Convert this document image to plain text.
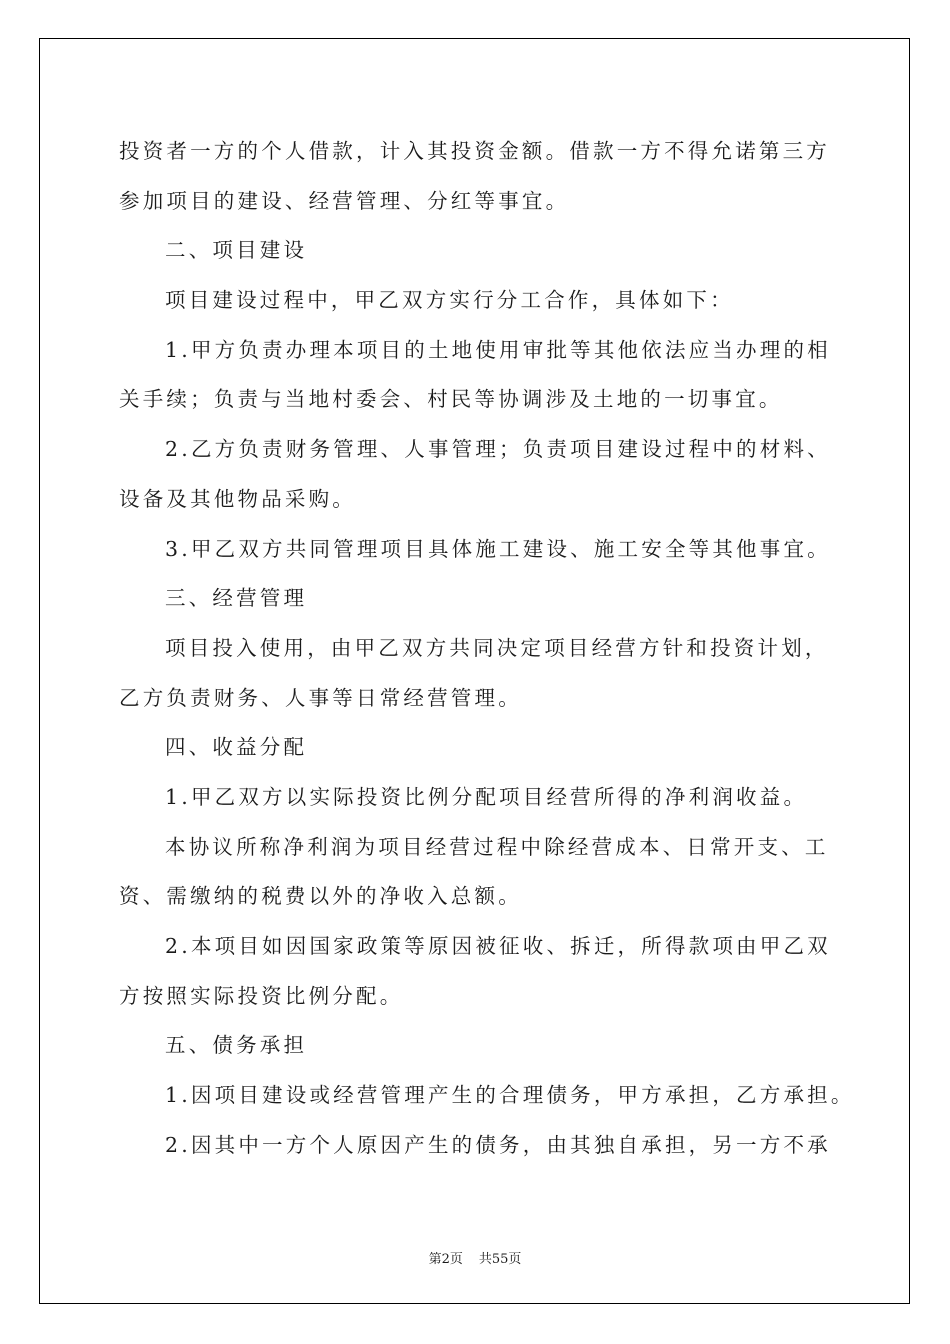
投资者一方的个人借款，计入其投资金额。借款一方不得允诺第三方
参加项目的建设、经营管理、分红等事宜。
二、项目建设
项目建设过程中，甲乙双方实行分工合作，具体如下：
1.甲方负责办理本项目的土地使用审批等其他依法应当办理的相
关手续；负责与当地村委会、村民等协调涉及土地的一切事宜。
2.乙方负责财务管理、人事管理；负责项目建设过程中的材料、
设备及其他物品采购。
3.甲乙双方共同管理项目具体施工建设、施工安全等其他事宜。
三、经营管理
项目投入使用，由甲乙双方共同决定项目经营方针和投资计划，
乙方负责财务、人事等日常经营管理。
四、收益分配
1.甲乙双方以实际投资比例分配项目经营所得的净利润收益。
本协议所称净利润为项目经营过程中除经营成本、日常开支、工
资、需缴纳的税费以外的净收入总额。
2.本项目如因国家政策等原因被征收、拆迁，所得款项由甲乙双
方按照实际投资比例分配。
五、债务承担
1.因项目建设或经营管理产生的合理债务，甲方承担，乙方承担。
2.因其中一方个人原因产生的债务，由其独自承担，另一方不承
第2页 共55页
